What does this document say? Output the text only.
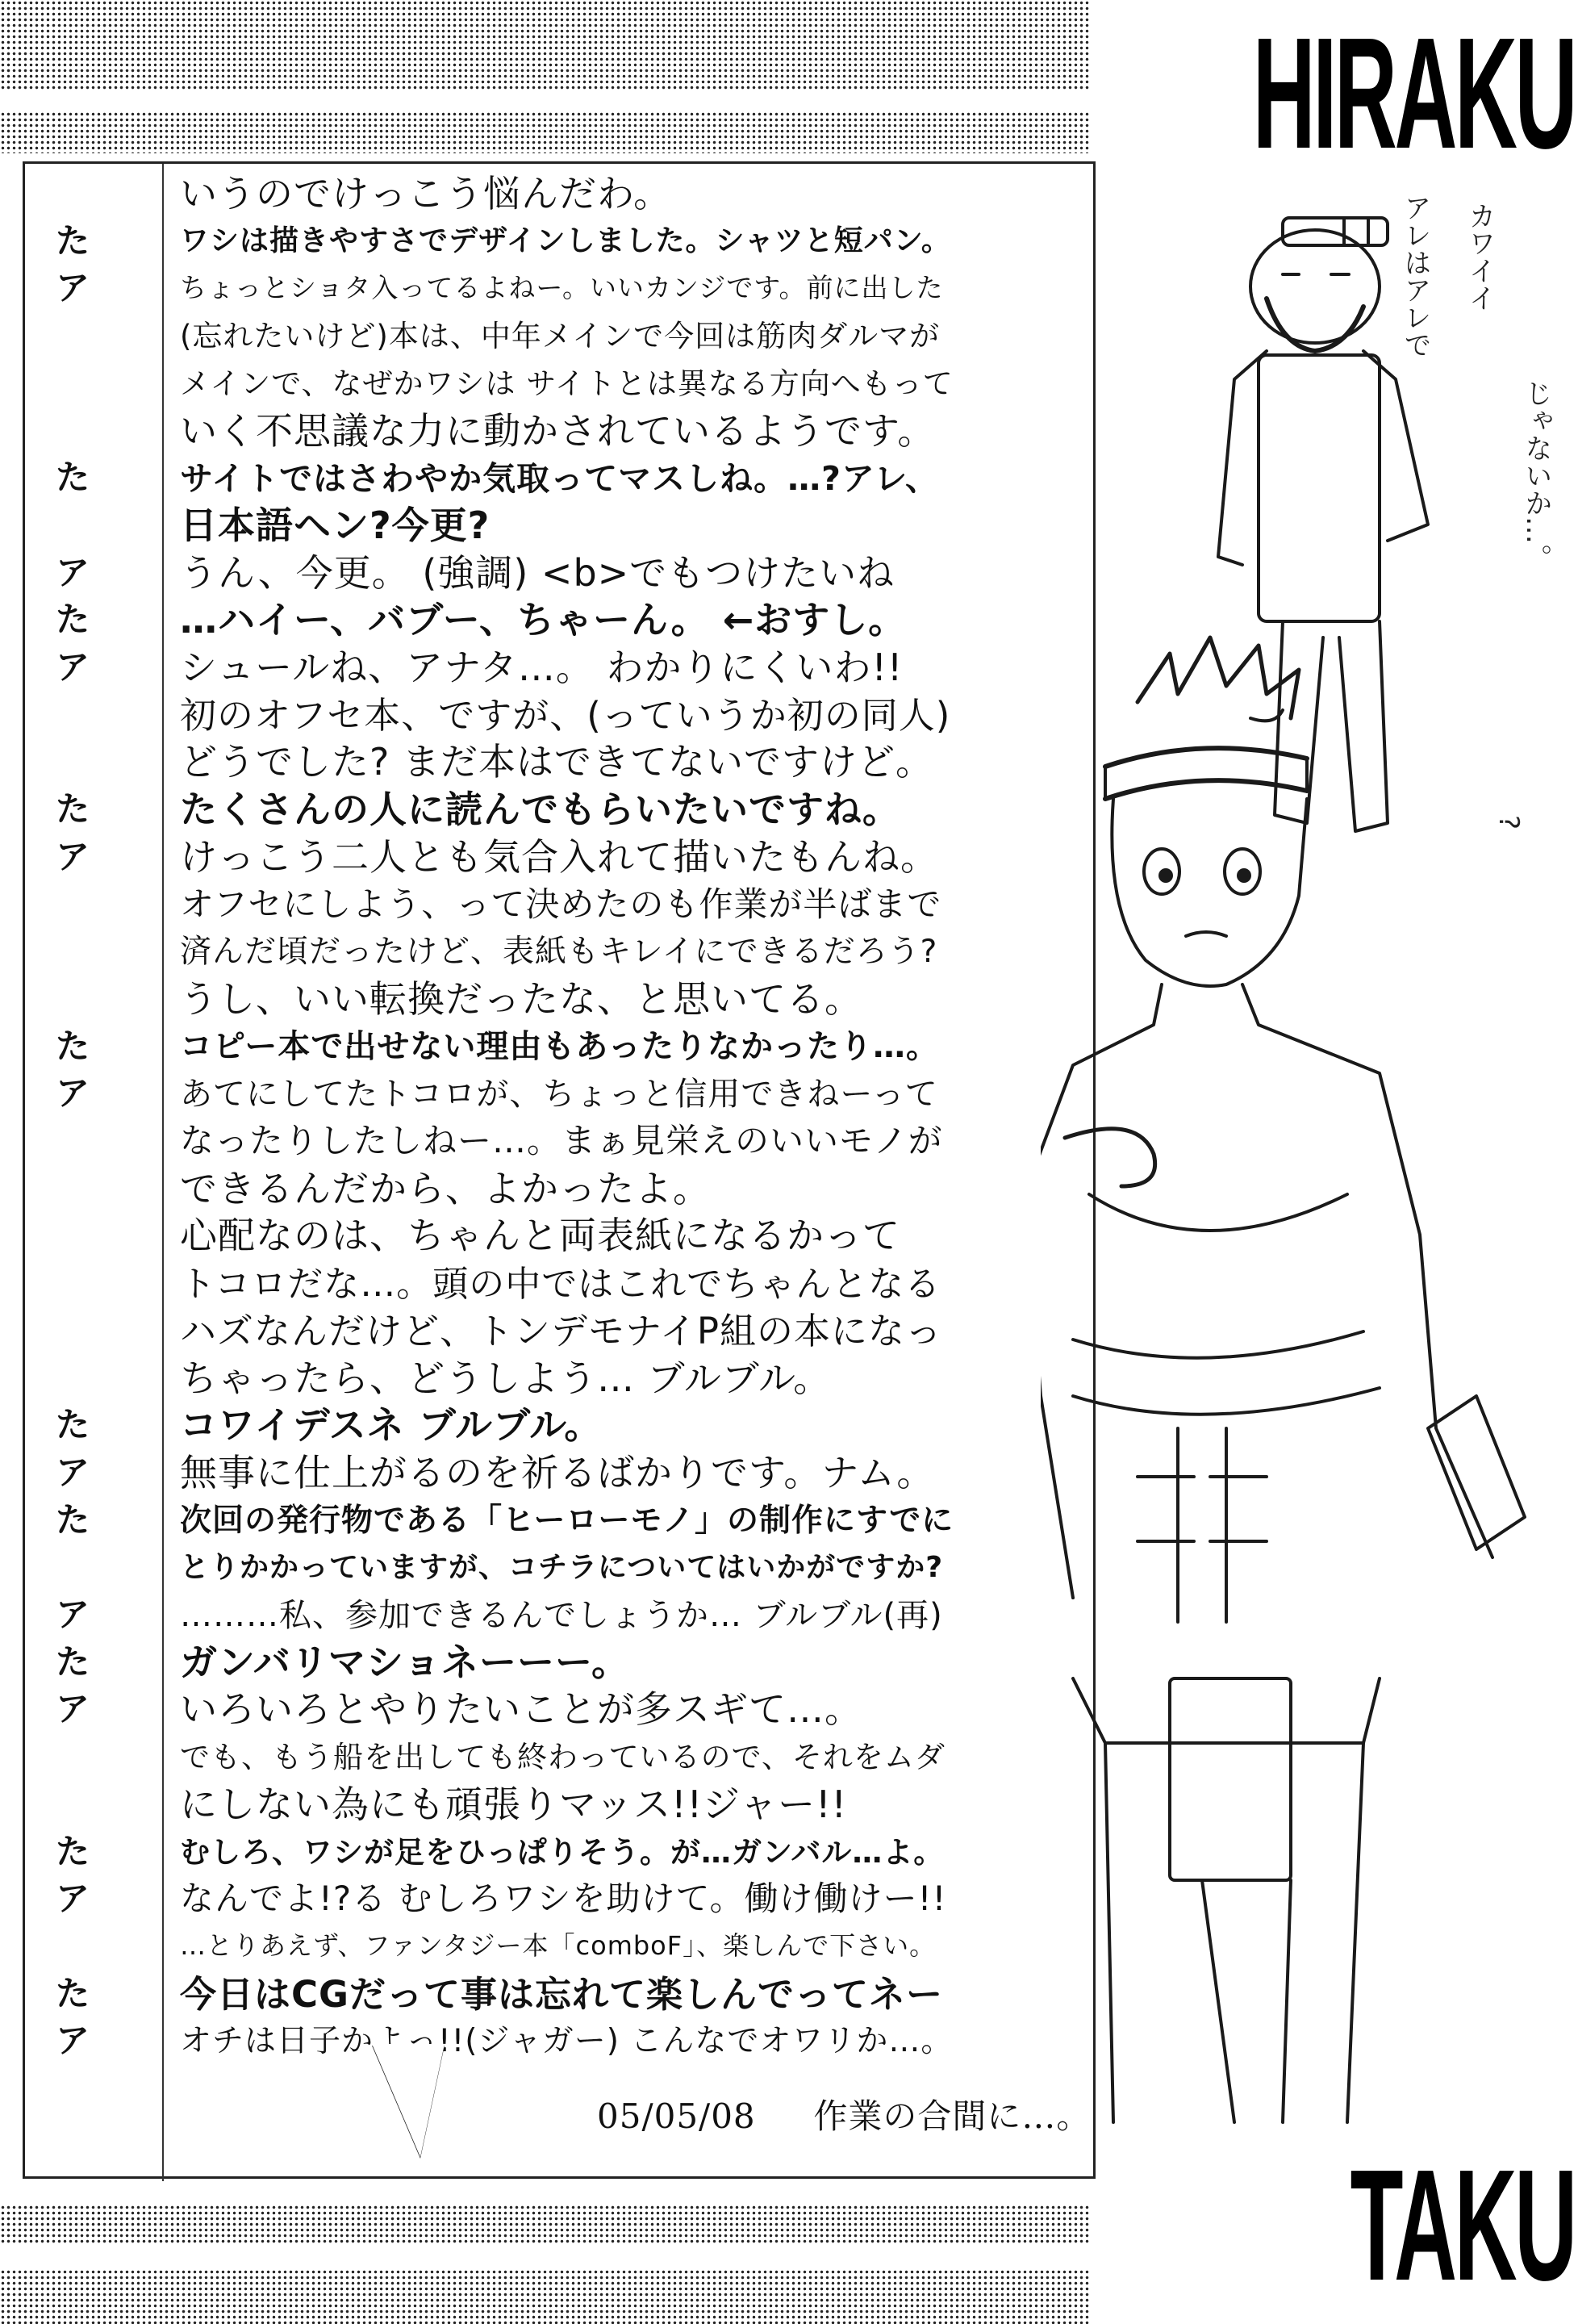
HIRAKU
いうのでけっこう悩んだわ。
た	ワシは描きやすさでデザインしました。シャツと短パン。
ア	ちょっとショタ入ってるよねー。いいカンジです。前に出した
(忘れたいけど)本は、中年メインで今回は筋肉ダルマが
メインで、なぜかワシは サイトとは異なる方向へもって
いく不思議な力に動かされているようです。
た	サイトではさわやか気取ってマスしね。…?アレ、
日本語ヘン?今更?
ア	うん、今更。 (強調) <b>でもつけたいね
た	…ハイー、バブー、ちゃーん。 ←おすし。
ア	シュールね、アナタ…。 わかりにくいわ!!
初のオフセ本、ですが、(っていうか初の同人)
どうでした? まだ本はできてないですけど。
た	たくさんの人に読んでもらいたいですね。
ア	けっこう二人とも気合入れて描いたもんね。
オフセにしよう、って決めたのも作業が半ばまで
済んだ頃だったけど、表紙もキレイにできるだろう?
うし、いい転換だったな、と思いてる。
た	コピー本で出せない理由もあったりなかったり…。
ア	あてにしてたトコロが、ちょっと信用できねーって
なったりしたしねー…。まぁ見栄えのいいモノが
できるんだから、よかったよ。
心配なのは、ちゃんと両表紙になるかって
トコロだな…。頭の中ではこれでちゃんとなる
ハズなんだけど、トンデモナイP組の本になっ
ちゃったら、どうしよう… ブルブル。
た	コワイデスネ ブルブル。
ア	無事に仕上がるのを祈るばかりです。ナム。
た	次回の発行物である「ヒーローモノ」の制作にすでに
とりかかっていますが、コチラについてはいかがですか?
ア	………私、参加できるんでしょうか… ブルブル(再)
た	ガンバリマショネーーー。
ア	いろいろとやりたいことが多スギて…。
でも、もう船を出しても終わっているので、それをムダ
にしない為にも頑張りマッス!!ジャー!!
た	むしろ、ワシが足をひっぱりそう。が…ガンバル…よ。
ア	なんでよ!?る むしろワシを助けて。働け働けー!!
…とりあえず、ファンタジー本「comboF」、楽しんで下さい。
た	今日はCGだって事は忘れて楽しんでってネー
ア	オチは日子かよっ!!(ジャガー) こんなでオワリか…。
05/05/08 作業の合間に…。
カワイイ
アレはアレで
じゃないか…。
?
TAKU
